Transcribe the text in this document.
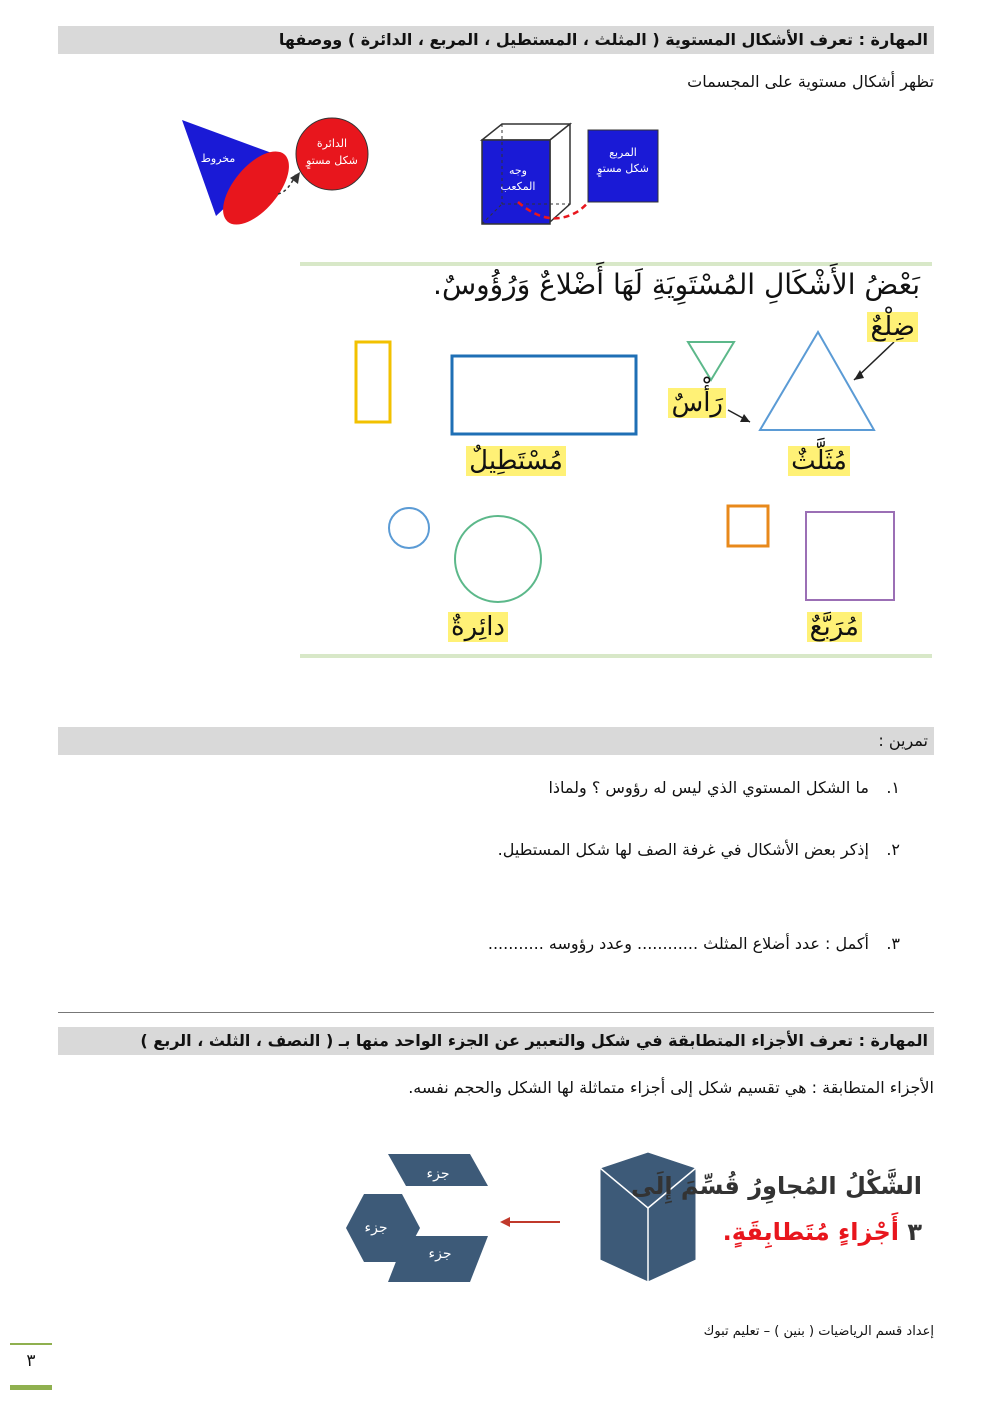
المهارة : تعرف الأشكال المستوية ( المثلث ، المستطيل ، المربع ، الدائرة ) ووصفها
تظهر أشكال مستوية على المجسمات
مخروط
الدائرة
شكل مستوٍ
وجه
المكعب
المربع
شكل مستوٍ
بَعْضُ الأَشْكَالِ المُسْتَوِيَةِ لَهَا أَضْلاعٌ وَرُؤُوسٌ.
ضِلْعٌ
رَأْسٌ
مُثَلَّثٌ
مُسْتَطِيلٌ
دائِرةٌ	مُرَبَّعٌ
تمرين :
١. ما الشكل المستوي الذي ليس له رؤوس ؟ ولماذا
٢. إذكر بعض الأشكال في غرفة الصف لها شكل المستطيل.
٣. أكمل : عدد أضلاع المثلث ............ وعدد رؤوسه ...........
المهارة : تعرف الأجزاء المتطابقة في شكل والتعبير عن الجزء الواحد منها بـ ( النصف ، الثلث ، الربع )
الأجزاء المتطابقة : هي تقسيم شكل إلى أجزاء متماثلة لها الشكل والحجم نفسه.
جزء
جزء
جزء
الشَّكْلُ المُجاوِرُ قُسِّمَ إِلَى
٣ أَجْزاءٍ مُتَطابِقَةٍ.
إعداد قسم الرياضيات ( بنين ) – تعليم تبوك
٣
